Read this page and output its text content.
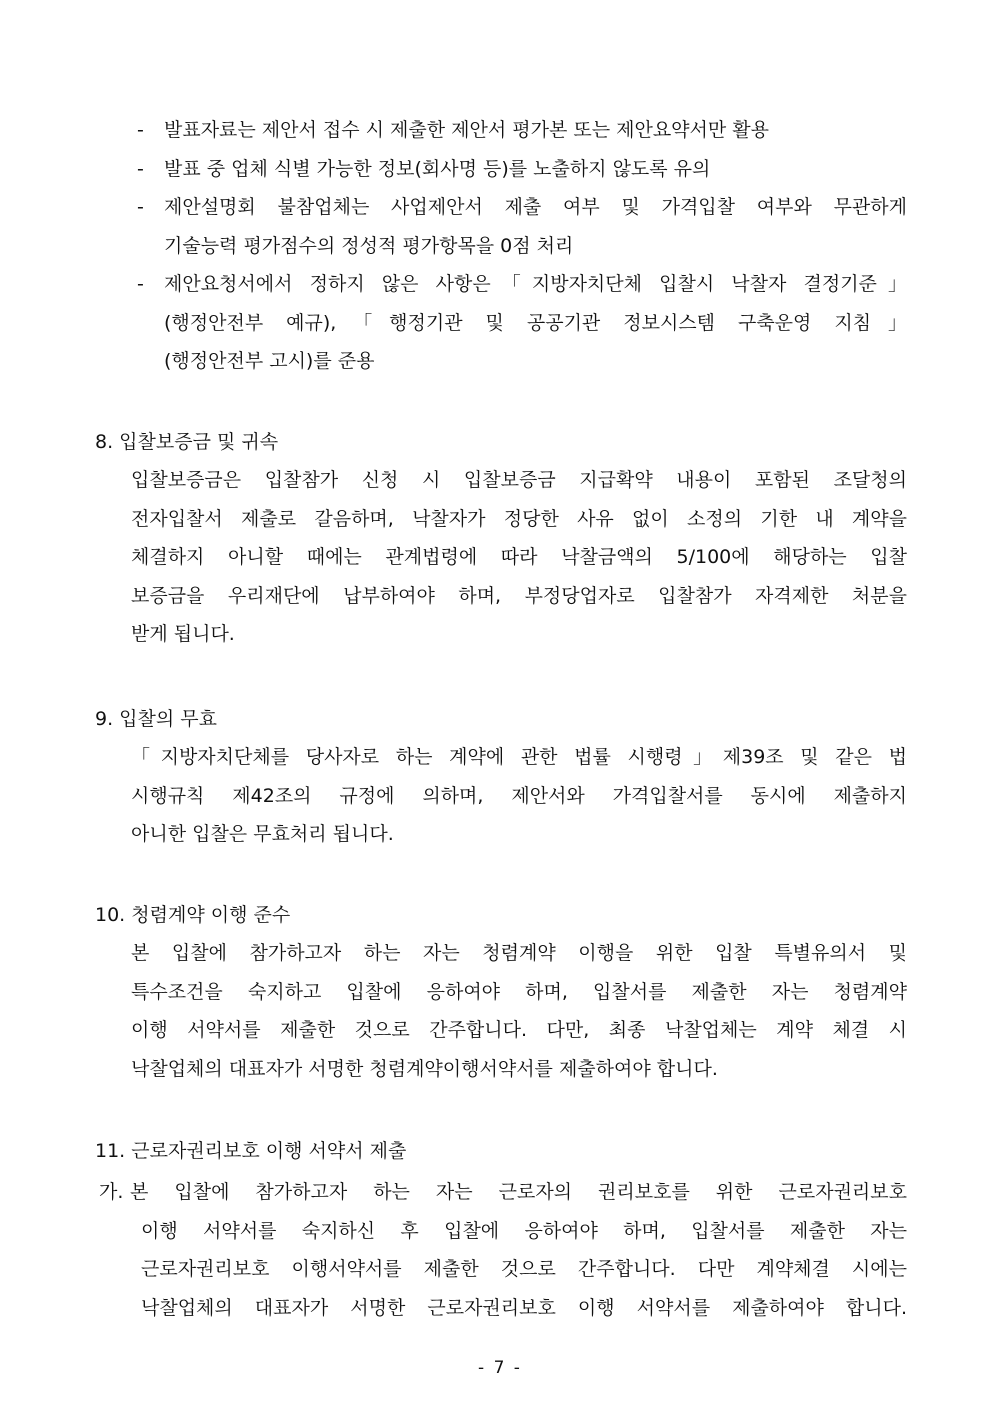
- 발표자료는 제안서 접수 시 제출한 제안서 평가본 또는 제안요약서만 활용
- 발표 중 업체 식별 가능한 정보(회사명 등)를 노출하지 않도록 유의
- 제안설명회 불참업체는 사업제안서 제출 여부 및 가격입찰 여부와 무관하게
기술능력 평가점수의 정성적 평가항목을 0점 처리
- 제안요청서에서 정하지 않은 사항은「지방자치단체 입찰시 낙찰자 결정기준」
(행정안전부 예규),「행정기관 및 공공기관 정보시스템 구축운영 지침」
(행정안전부 고시)를 준용
8. 입찰보증금 및 귀속

입찰보증금은 입찰참가 신청 시 입찰보증금 지급확약 내용이 포함된 조달청의
전자입찰서 제출로 갈음하며, 낙찰자가 정당한 사유 없이 소정의 기한 내 계약을
체결하지 아니할 때에는 관계법령에 따라 낙찰금액의 5/100에 해당하는 입찰
보증금을 우리재단에 납부하여야 하며, 부정당업자로 입찰참가 자격제한 처분을
받게 됩니다.

9. 입찰의 무효

「지방자치단체를 당사자로 하는 계약에 관한 법률 시행령」제39조 및 같은 법
시행규칙 제42조의 규정에 의하며, 제안서와 가격입찰서를 동시에 제출하지
아니한 입찰은 무효처리 됩니다.

10. 청렴계약 이행 준수

본 입찰에 참가하고자 하는 자는 청렴계약 이행을 위한 입찰 특별유의서 및
특수조건을 숙지하고 입찰에 응하여야 하며, 입찰서를 제출한 자는 청렴계약
이행 서약서를 제출한 것으로 간주합니다. 다만, 최종 낙찰업체는 계약 체결 시
낙찰업체의 대표자가 서명한 청렴계약이행서약서를 제출하여야 합니다.

11. 근로자권리보호 이행 서약서 제출
가. 본 입찰에 참가하고자 하는 자는 근로자의 권리보호를 위한 근로자권리보호
이행 서약서를 숙지하신 후 입찰에 응하여야 하며, 입찰서를 제출한 자는
근로자권리보호 이행서약서를 제출한 것으로 간주합니다. 다만 계약체결 시에는
낙찰업체의 대표자가 서명한 근로자권리보호 이행 서약서를 제출하여야 합니다.
- 7 -
